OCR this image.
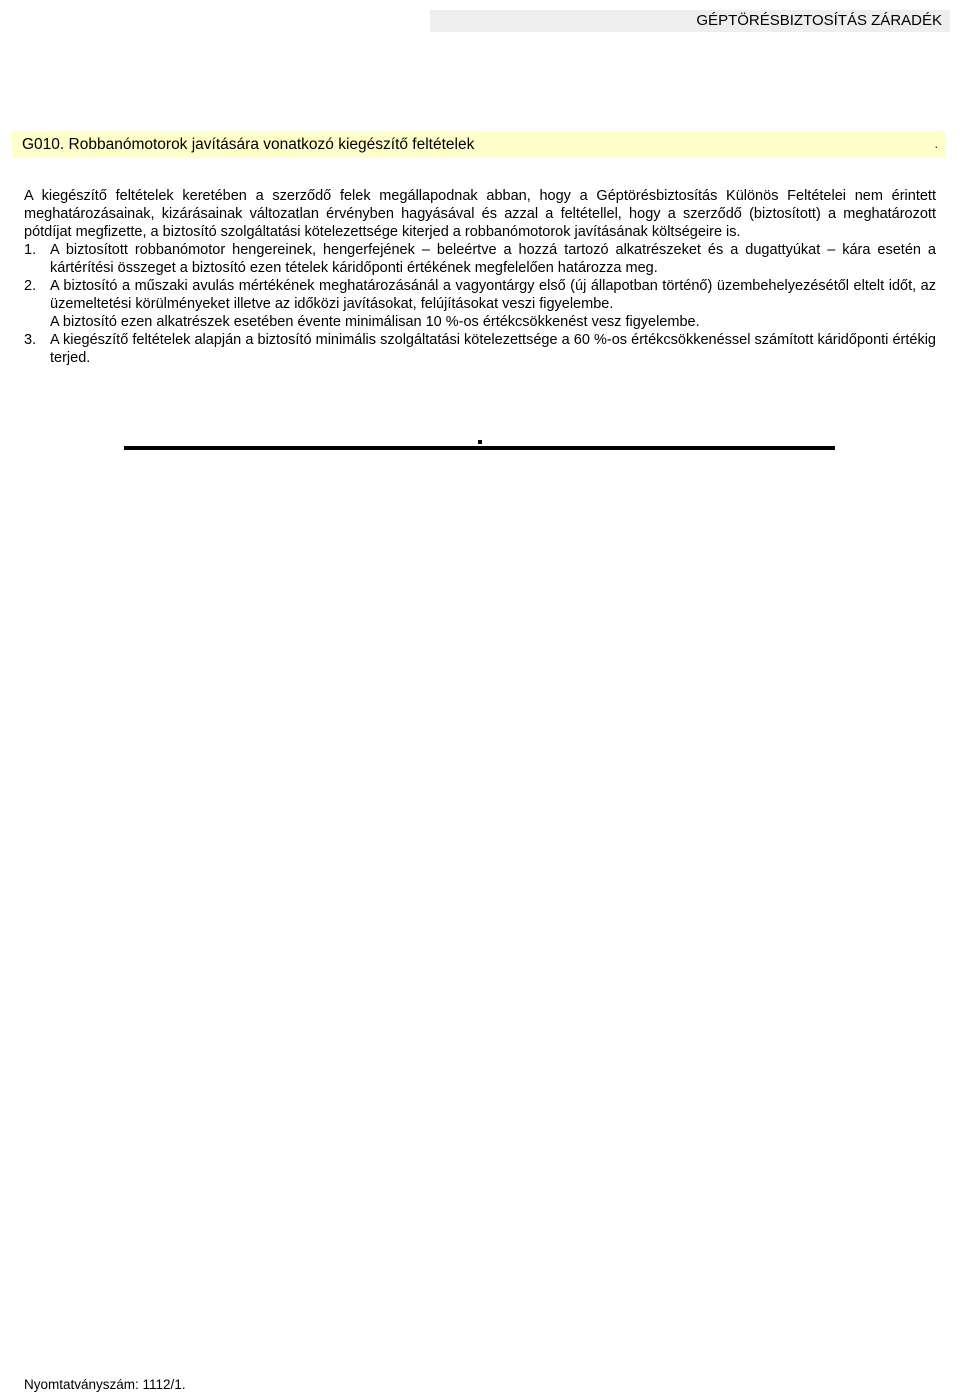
GÉPTÖRÉSBIZTOSÍTÁS ZÁRADÉK
G010. Robbanómotorok javítására vonatkozó kiegészítő feltételek	.

A kiegészítő feltételek keretében a szerződő felek megállapodnak abban, hogy a Géptörésbiztosítás Különös Feltételei nem érintett meghatározásainak, kizárásainak változatlan érvényben hagyásával és azzal a feltétellel, hogy a szerződő (biztosított) a meghatározott pótdíjat megfizette, a biztosító szolgáltatási kötelezettsége kiterjed a robbanómotorok javításának költségeire is.

1. A biztosított robbanómotor hengereinek, hengerfejének – beleértve a hozzá tartozó alkatrészeket és a dugattyúkat – kára esetén a kártérítési összeget a biztosító ezen tételek káridőponti értékének megfelelően határozza meg.

2. A biztosító a műszaki avulás mértékének meghatározásánál a vagyontárgy első (új állapotban történő) üzembehelyezésétől eltelt időt, az üzemeltetési körülményeket illetve az időközi javításokat, felújításokat veszi figyelembe.

A biztosító ezen alkatrészek esetében évente minimálisan 10 %-os értékcsökkenést vesz figyelembe.

3. A kiegészítő feltételek alapján a biztosító minimális szolgáltatási kötelezettsége a 60 %-os értékcsökkenéssel számított káridőponti értékig terjed.

Nyomtatványszám: 1112/1.
